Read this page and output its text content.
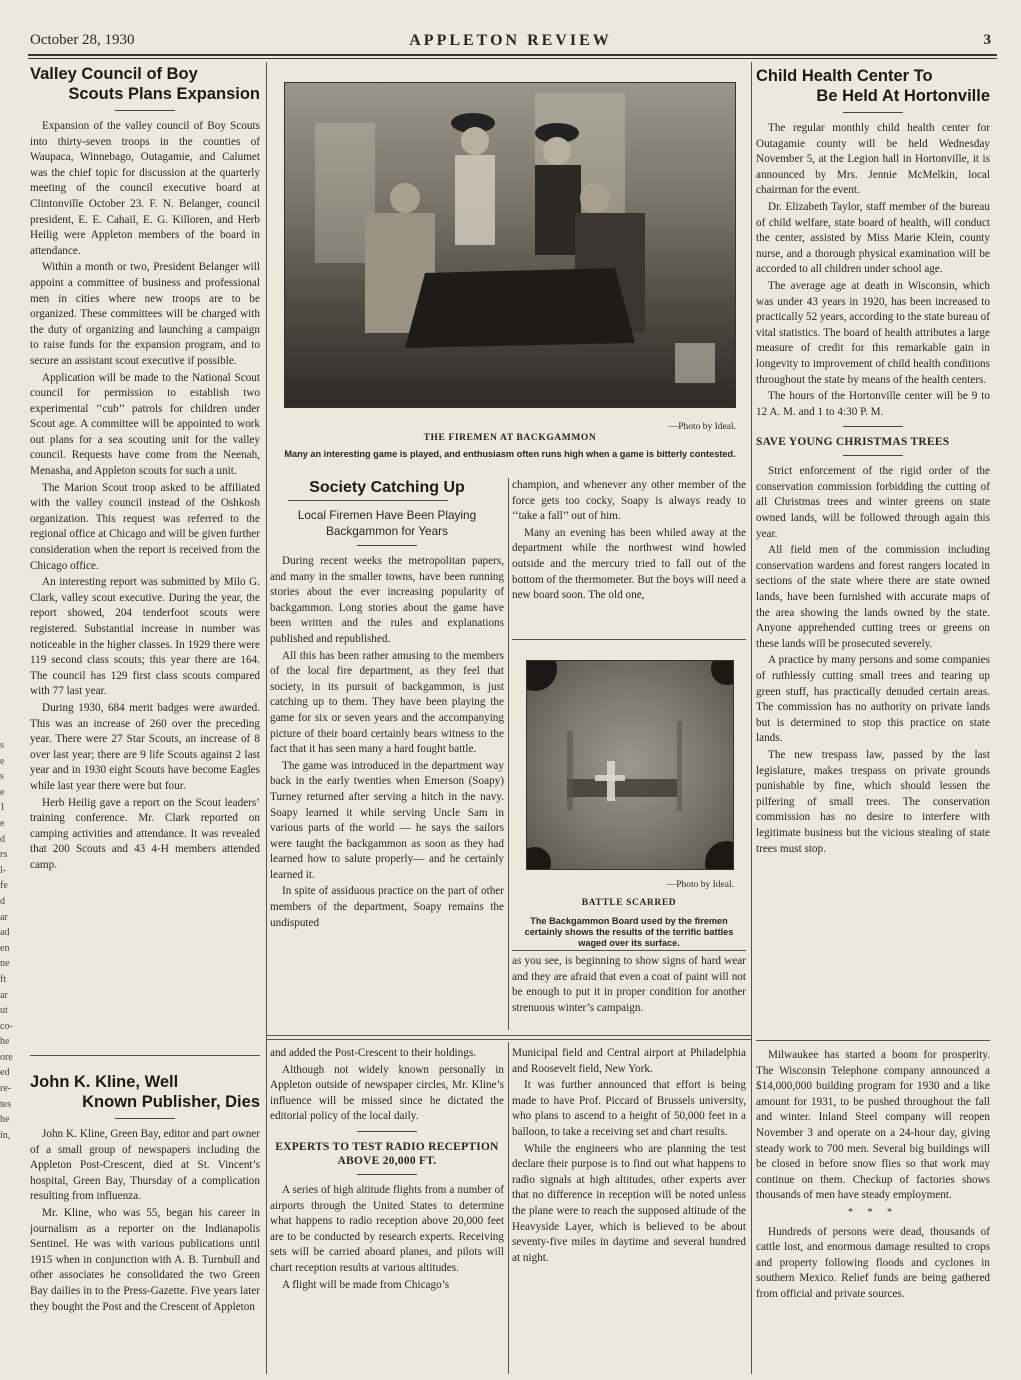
October 28, 1930	APPLETON REVIEW	3
s
e
s
e
1
e
d
rs
l-
fe
d
ar
ad
en
ne
ft
ar
ut
co-
he
ore
ed
re-
tes
he
in,
Valley Council of Boy
Scouts Plans Expansion

Expansion of the valley council of Boy Scouts into thirty-seven troops in the counties of Waupaca, Winnebago, Outagamie, and Calumet was the chief topic for discussion at the quarterly meeting of the council executive board at Clintonville October 23. F. N. Belanger, council president, E. E. Cahail, E. G. Killoren, and Herb Heilig were Appleton members of the board in attendance.

Within a month or two, President Belanger will appoint a committee of business and professional men in cities where new troops are to be organized. These committees will be charged with the duty of organizing and launching a campaign to raise funds for the expansion program, and to secure an assistant scout executive if possible.

Application will be made to the National Scout council for permission to establish two experimental ‘‘cub’’ patrols for children under Scout age. A committee will be appointed to work out plans for a sea scouting unit for the valley council. Requests have come from the Neenah, Menasha, and Appleton scouts for such a unit.

The Marion Scout troop asked to be affiliated with the valley council instead of the Oshkosh organization. This request was referred to the regional office at Chicago and will be given further consideration when the report is received from the Chicago office.

An interesting report was submitted by Milo G. Clark, valley scout executive. During the year, the report showed, 204 tenderfoot scouts were registered. Substantial increase in number was noticeable in the higher classes. In 1929 there were 119 second class scouts; this year there are 164. The council has 129 first class scouts compared with 77 last year.

During 1930, 684 merit badges were awarded. This was an increase of 260 over the preceding year. There were 27 Star Scouts, an increase of 8 over last year; there are 9 life Scouts against 2 last year and in 1930 eight Scouts have become Eagles while last year there were but four.

Herb Heilig gave a report on the Scout leaders’ training conference. Mr. Clark reported on camping activities and attendance. It was revealed that 200 Scouts and 43 4-H members attended camp.

John K. Kline, Well
Known Publisher, Dies

John K. Kline, Green Bay, editor and part owner of a small group of newspapers including the Appleton Post-Crescent, died at St. Vincent’s hospital, Green Bay, Thursday of a complication resulting from influenza.

Mr. Kline, who was 55, began his career in journalism as a reporter on the Indianapolis Sentinel. He was with various publications until 1915 when in conjunction with A. B. Turnbull and other associates he consolidated the two Green Bay dailies in to the Press-Gazette. Five years later they bought the Post and the Crescent of Appleton

—Photo by Ideal.
THE FIREMEN AT BACKGAMMON
Many an interesting game is played, and enthusiasm often runs high when a game is bitterly contested.
Society Catching Up
Local Firemen Have Been Playing Backgammon for Years

During recent weeks the metropolitan papers, and many in the smaller towns, have been running stories about the ever increasing popularity of backgammon. Long stories about the game have been written and the rules and explanations published and republished.

All this has been rather amusing to the members of the local fire department, as they feel that society, in its pursuit of backgammon, is just catching up to them. They have been playing the game for six or seven years and the accompanying picture of their board certainly bears witness to the fact that it has seen many a hard fought battle.

The game was introduced in the department way back in the early twenties when Emerson (Soapy) Turney returned after serving a hitch in the navy. Soapy learned it while serving Uncle Sam in various parts of the world — he says the sailors were taught the backgammon as soon as they had learned how to salute properly— and he certainly learned it.

In spite of assiduous practice on the part of other members of the department, Soapy remains the undisputed

champion, and whenever any other member of the force gets too cocky, Soapy is always ready to ‘‘take a fall’’ out of him.

Many an evening has been whiled away at the department while the northwest wind howled outside and the mercury tried to fall out of the bottom of the thermometer. But the boys will need a new board soon. The old one,

—Photo by Ideal.
BATTLE SCARRED
The Backgammon Board used by the firemen certainly shows the results of the terrific battles waged over its surface.

as you see, is beginning to show signs of hard wear and they are afraid that even a coat of paint will not be enough to put it in proper condition for another strenuous winter’s campaign.

and added the Post-Crescent to their holdings.

Although not widely known personally in Appleton outside of newspaper circles, Mr. Kline’s influence will be missed since he dictated the editorial policy of the local daily.

EXPERTS TO TEST RADIO RECEPTION ABOVE 20,000 FT.

A series of high altitude flights from a number of airports through the United States to determine what happens to radio reception above 20,000 feet are to be conducted by research experts. Receiving sets will be carried aboard planes, and pilots will chart reception results at various altitudes.

A flight will be made from Chicago’s

Municipal field and Central airport at Philadelphia and Roosevelt field, New York.

It was further announced that effort is being made to have Prof. Piccard of Brussels university, who plans to ascend to a height of 50,000 feet in a balloon, to take a receiving set and chart results.

While the engineers who are planning the test declare their purpose is to find out what happens to radio signals at high altitudes, other experts aver that no difference in reception will be noted unless the plane were to reach the supposed altitude of the Heavyside Layer, which is believed to be about seventy-five miles in daytime and several hundred at night.

Child Health Center To
Be Held At Hortonville

The regular monthly child health center for Outagamie county will be held Wednesday November 5, at the Legion hall in Hortonville, it is announced by Mrs. Jennie McMelkin, local chairman for the event.

Dr. Elizabeth Taylor, staff member of the bureau of child welfare, state board of health, will conduct the center, assisted by Miss Marie Klein, county nurse, and a thorough physical examination will be accorded to all children under school age.

The average age at death in Wisconsin, which was under 43 years in 1920, has been increased to practically 52 years, according to the state bureau of vital statistics. The board of health attributes a large measure of credit for this remarkable gain in longevity to improvement of child health conditions throughout the state by means of the health centers.

The hours of the Hortonville center will be 9 to 12 A. M. and 1 to 4:30 P. M.

SAVE YOUNG CHRISTMAS TREES

Strict enforcement of the rigid order of the conservation commission forbidding the cutting of all Christmas trees and winter greens on state owned lands, will be followed through again this year.

All field men of the commission including conservation wardens and forest rangers located in sections of the state where there are state owned lands, have been furnished with accurate maps of the area showing the lands owned by the state. Anyone apprehended cutting trees or greens on these lands will be prosecuted severely.

A practice by many persons and some companies of ruthlessly cutting small trees and tearing up green stuff, has practically denuded certain areas. The commission has no authority on private lands but is determined to stop this practice on state lands.

The new trespass law, passed by the last legislature, makes trespass on private grounds punishable by fine, which should lessen the pilfering of small trees. The conservation commission has no desire to interfere with legitimate business but the vicious stealing of state trees must stop.

Milwaukee has started a boom for prosperity. The Wisconsin Telephone company announced a $14,000,000 building program for 1930 and a like amount for 1931, to be pushed throughout the fall and winter. Inland Steel company will reopen November 3 and operate on a 24-hour day, giving steady work to 700 men. Several big buildings will be closed in before snow flies so that work may continue on them. Checkup of factories shows thousands of men have steady employment.

* * *

Hundreds of persons were dead, thousands of cattle lost, and enormous damage resulted to crops and property following floods and cyclones in southern Mexico. Relief funds are being gathered from official and private sources.
